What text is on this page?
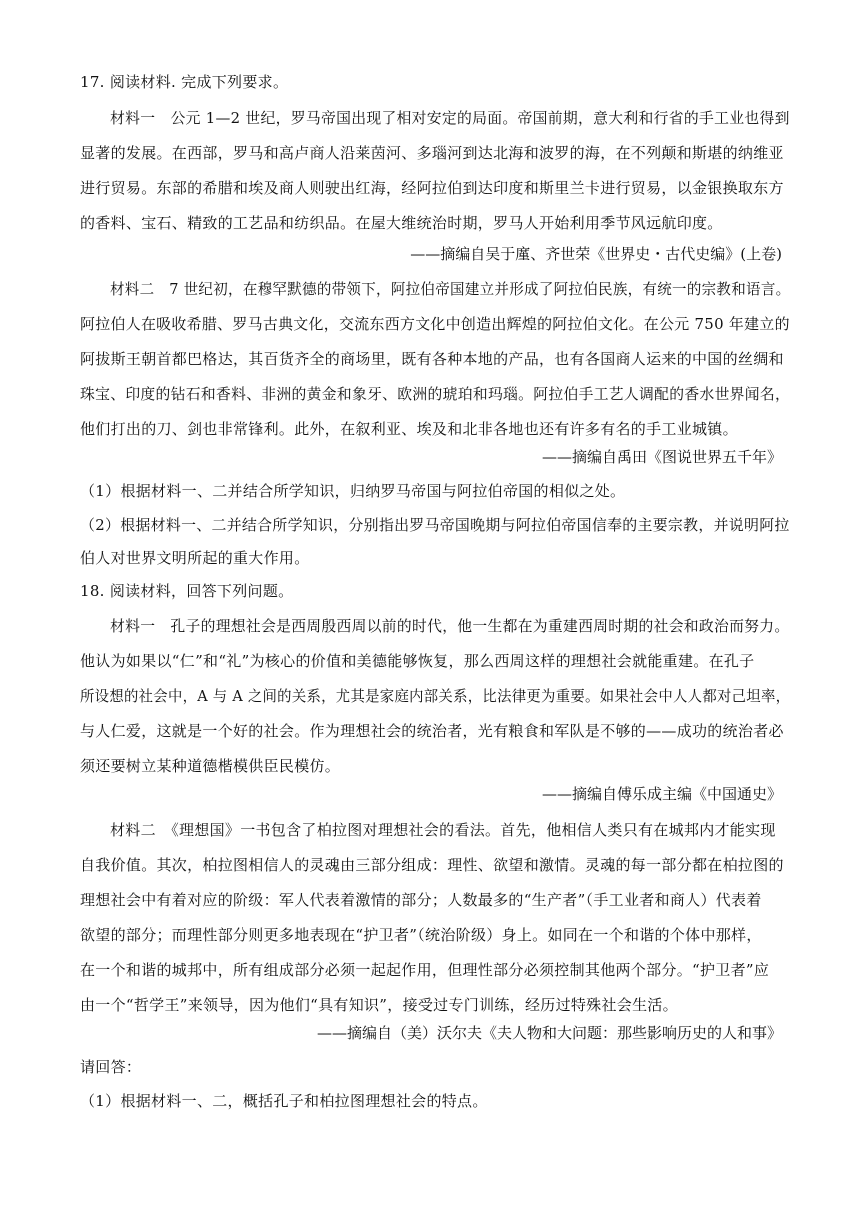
17. 阅读材料. 完成下列要求。
材料一　公元 1—2 世纪，罗马帝国出现了相对安定的局面。帝国前期，意大利和行省的手工业也得到
显著的发展。在西部，罗马和高卢商人沿莱茵河、多瑙河到达北海和波罗的海，在不列颠和斯堪的纳维亚
进行贸易。东部的希腊和埃及商人则驶出红海，经阿拉伯到达印度和斯里兰卡进行贸易，以金银换取东方
的香料、宝石、精致的工艺品和纺织品。在屋大维统治时期，罗马人开始利用季节风远航印度。
——摘编自吴于廑、齐世荣《世界史・古代史编》(上卷)
材料二　7 世纪初，在穆罕默德的带领下，阿拉伯帝国建立并形成了阿拉伯民族，有统一的宗教和语言。
阿拉伯人在吸收希腊、罗马古典文化，交流东西方文化中创造出辉煌的阿拉伯文化。在公元 750 年建立的
阿拔斯王朝首都巴格达，其百货齐全的商场里，既有各种本地的产品，也有各国商人运来的中国的丝绸和
珠宝、印度的钻石和香料、非洲的黄金和象牙、欧洲的琥珀和玛瑙。阿拉伯手工艺人调配的香水世界闻名，
他们打出的刀、剑也非常锋利。此外，在叙利亚、埃及和北非各地也还有许多有名的手工业城镇。
——摘编自禹田《图说世界五千年》
（1）根据材料一、二并结合所学知识，归纳罗马帝国与阿拉伯帝国的相似之处。
（2）根据材料一、二并结合所学知识，分别指出罗马帝国晚期与阿拉伯帝国信奉的主要宗教，并说明阿拉
伯人对世界文明所起的重大作用。
18. 阅读材料，回答下列问题。
材料一　孔子的理想社会是西周殷西周以前的时代，他一生都在为重建西周时期的社会和政治而努力。
他认为如果以“仁”和“礼”为核心的价值和美德能够恢复，那么西周这样的理想社会就能重建。在孔子
所设想的社会中，A 与 A 之间的关系，尤其是家庭内部关系，比法律更为重要。如果社会中人人都对己坦率，
与人仁爱，这就是一个好的社会。作为理想社会的统治者，光有粮食和军队是不够的——成功的统治者必
须还要树立某种道德楷模供臣民模仿。
——摘编自傅乐成主编《中国通史》
材料二　《理想国》一书包含了柏拉图对理想社会的看法。首先，他相信人类只有在城邦内才能实现
自我价值。其次，柏拉图相信人的灵魂由三部分组成：理性、欲望和激情。灵魂的每一部分都在柏拉图的
理想社会中有着对应的阶级：军人代表着激情的部分；人数最多的“生产者”（手工业者和商人）代表着
欲望的部分；而理性部分则更多地表现在“护卫者”（统治阶级）身上。如同在一个和谐的个体中那样，
在一个和谐的城邦中，所有组成部分必须一起起作用，但理性部分必须控制其他两个部分。“护卫者”应
由一个“哲学王”来领导，因为他们“具有知识”，接受过专门训练，经历过特殊社会生活。
——摘编自（美）沃尔夫《夫人物和大问题：那些影响历史的人和事》
请回答：
（1）根据材料一、二，概括孔子和柏拉图理想社会的特点。
